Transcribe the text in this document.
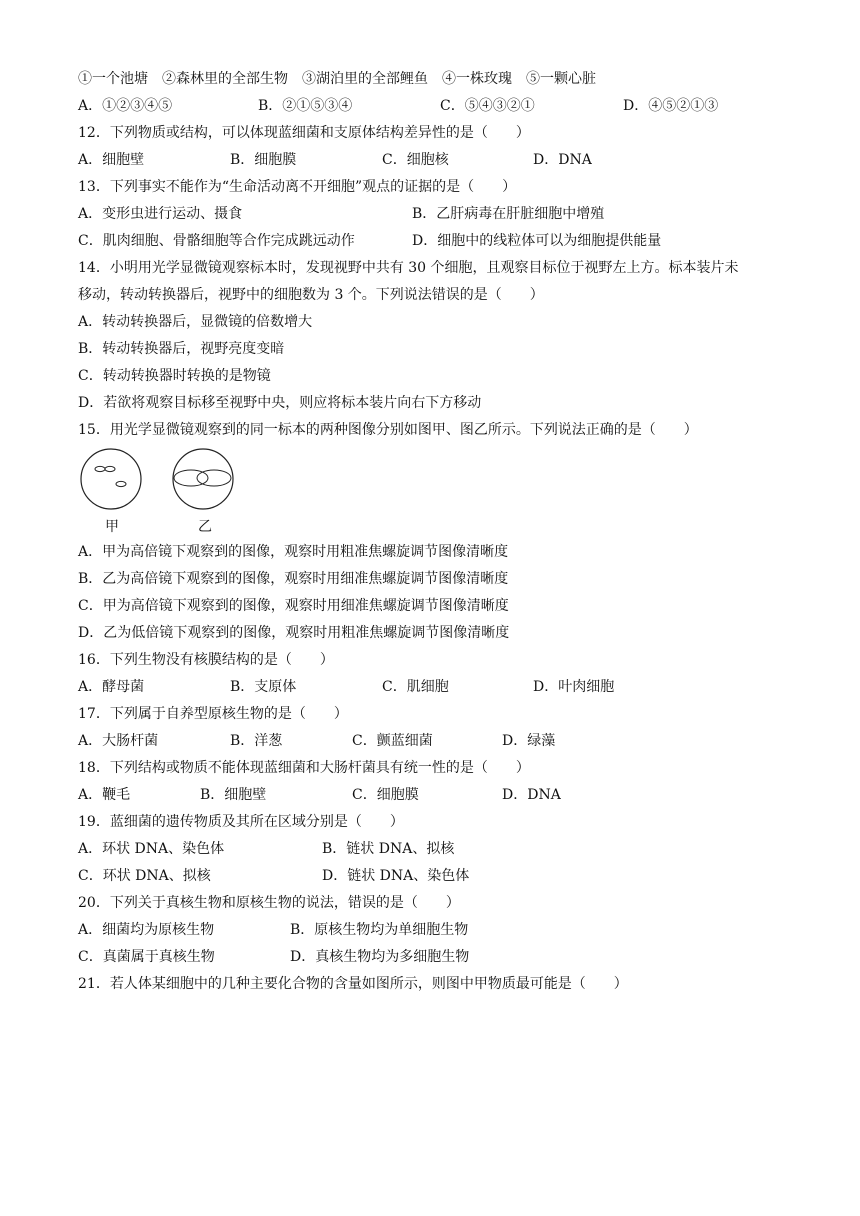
①一个池塘　②森林里的全部生物　③湖泊里的全部鲤鱼　④一株玫瑰　⑤一颗心脏
A．①②③④⑤	B．②①⑤③④	C．⑤④③②①	D．④⑤②①③
12．下列物质或结构，可以体现蓝细菌和支原体结构差异性的是（　　）
A．细胞壁	B．细胞膜	C．细胞核	D．DNA
13．下列事实不能作为“生命活动离不开细胞”观点的证据的是（　　）
A．变形虫进行运动、摄食	B．乙肝病毒在肝脏细胞中增殖
C．肌肉细胞、骨骼细胞等合作完成跳远动作	D．细胞中的线粒体可以为细胞提供能量
14．小明用光学显微镜观察标本时，发现视野中共有 30 个细胞，且观察目标位于视野左上方。标本装片未
移动，转动转换器后，视野中的细胞数为 3 个。下列说法错误的是（　　）
A．转动转换器后，显微镜的倍数增大
B．转动转换器后，视野亮度变暗
C．转动转换器时转换的是物镜
D．若欲将观察目标移至视野中央，则应将标本装片向右下方移动
15．用光学显微镜观察到的同一标本的两种图像分别如图甲、图乙所示。下列说法正确的是（　　）
甲	乙
A．甲为高倍镜下观察到的图像，观察时用粗准焦螺旋调节图像清晰度
B．乙为高倍镜下观察到的图像，观察时用细准焦螺旋调节图像清晰度
C．甲为高倍镜下观察到的图像，观察时用细准焦螺旋调节图像清晰度
D．乙为低倍镜下观察到的图像，观察时用粗准焦螺旋调节图像清晰度
16．下列生物没有核膜结构的是（　　）
A．酵母菌	B．支原体	C．肌细胞	D．叶肉细胞
17．下列属于自养型原核生物的是（　　）
A．大肠杆菌	B．洋葱	C．颤蓝细菌	D．绿藻
18．下列结构或物质不能体现蓝细菌和大肠杆菌具有统一性的是（　　）
A．鞭毛	B．细胞壁	C．细胞膜	D．DNA
19．蓝细菌的遗传物质及其所在区域分别是（　　）
A．环状 DNA、染色体	B．链状 DNA、拟核
C．环状 DNA、拟核	D．链状 DNA、染色体
20．下列关于真核生物和原核生物的说法，错误的是（　　）
A．细菌均为原核生物	B．原核生物均为单细胞生物
C．真菌属于真核生物	D．真核生物均为多细胞生物
21．若人体某细胞中的几种主要化合物的含量如图所示，则图中甲物质最可能是（　　）
